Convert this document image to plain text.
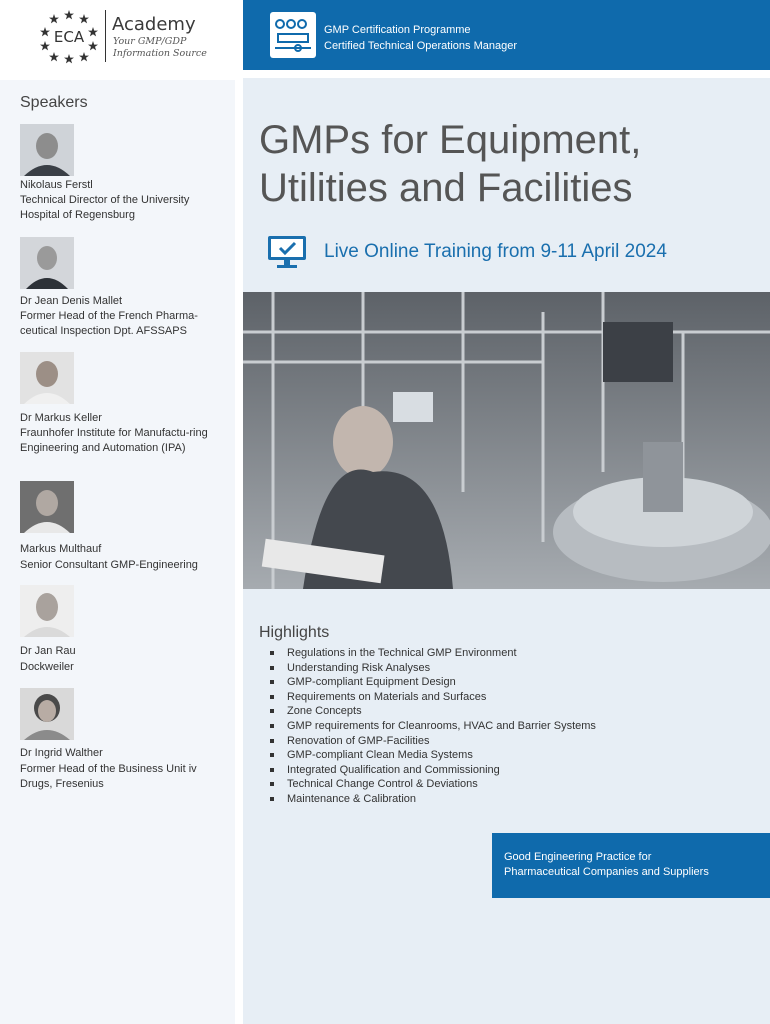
ECA
Academy
Your GMP/GDP
Information Source
GMP Certification Programme
Certified Technical Operations Manager
Speakers
Nikolaus Ferstl
Technical Director of the University Hospital of Regensburg
Dr Jean Denis Mallet
Former Head of the French Pharma-ceutical Inspection Dpt. AFSSAPS
Dr Markus Keller
Fraunhofer Institute for Manufactu-ring Engineering and Automation (IPA)
Markus Multhauf
Senior Consultant GMP-Engineering
Dr Jan Rau
Dockweiler
Dr Ingrid Walther
Former Head of the Business Unit iv Drugs, Fresenius
GMPs for Equipment,
Utilities and Facilities
Live Online Training from 9-11 April 2024
Highlights
Regulations in the Technical GMP Environment
Understanding Risk Analyses
GMP-compliant Equipment Design
Requirements on Materials and Surfaces
Zone Concepts
GMP requirements for Cleanrooms, HVAC and Barrier Systems
Renovation of GMP-Facilities
GMP-compliant Clean Media Systems
Integrated Qualification and Commissioning
Technical Change Control & Deviations
Maintenance & Calibration
Good Engineering Practice for
Pharmaceutical Companies and Suppliers
